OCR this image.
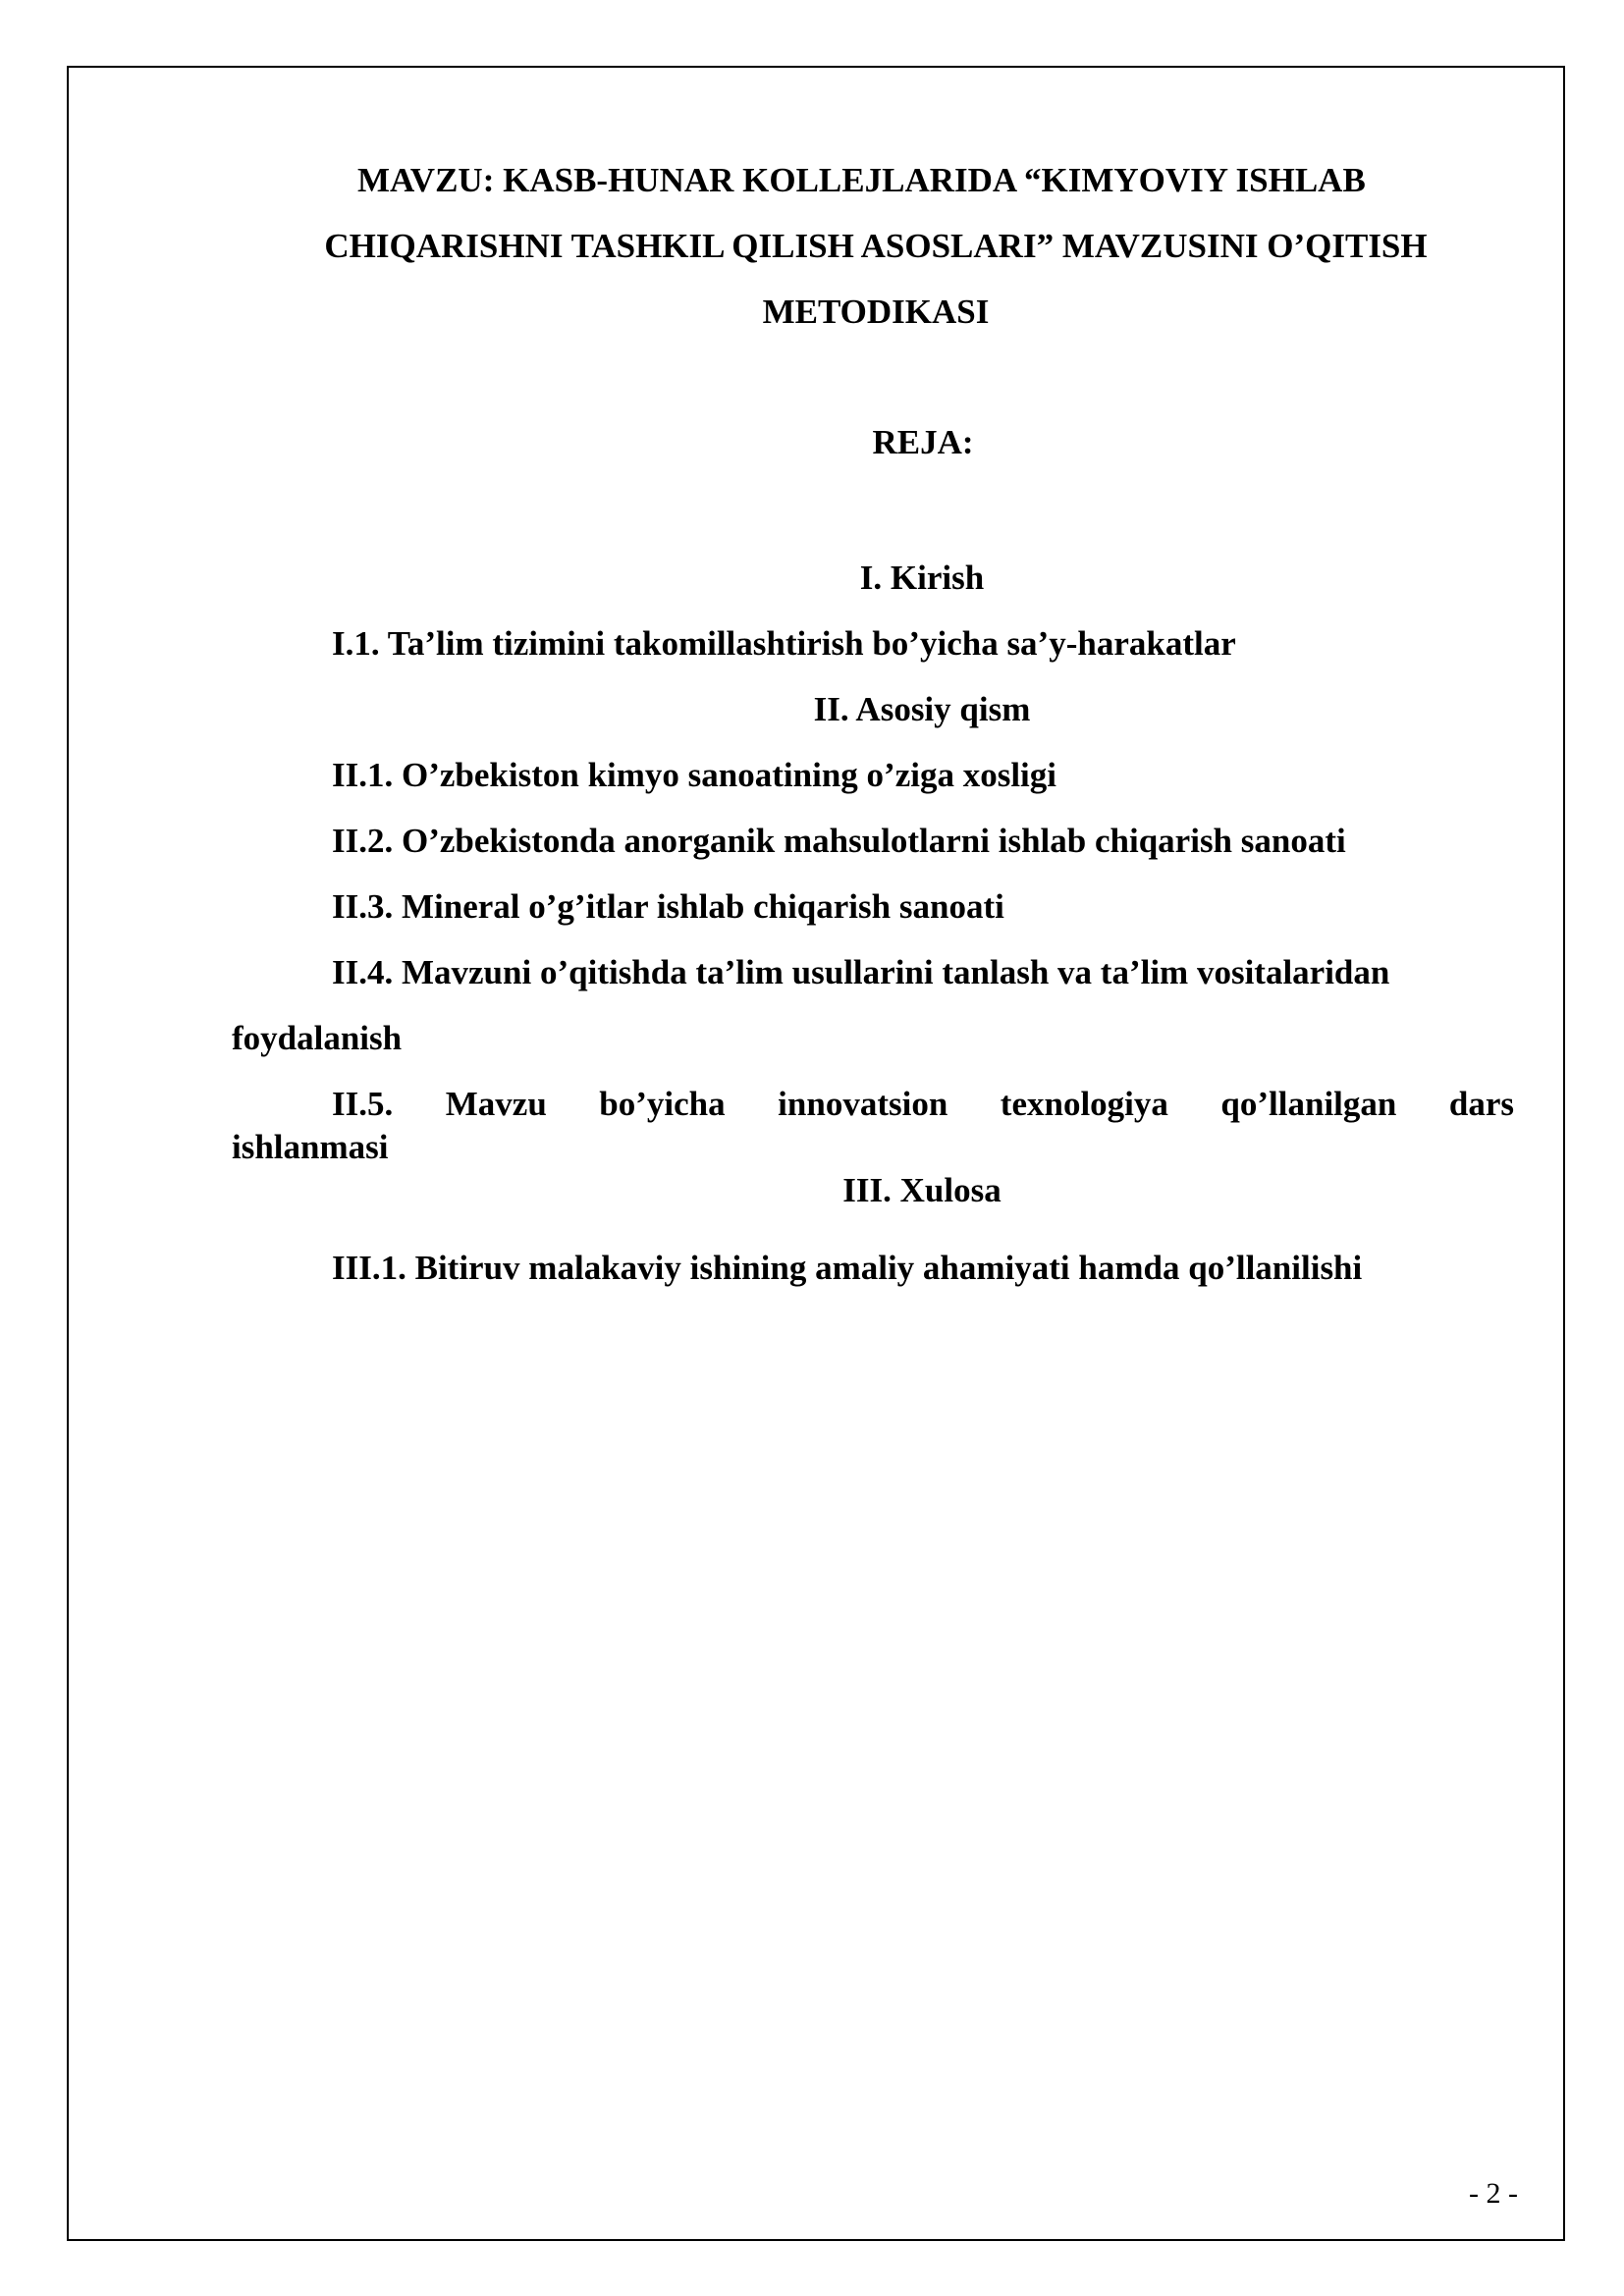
MAVZU: KASB-HUNAR KOLLEJLARIDA “KIMYOVIY ISHLAB
CHIQARISHNI TASHKIL QILISH ASOSLARI” MAVZUSINI O’QITISH
METODIKASI
REJA:

I. Kirish

I.1. Ta’lim tizimini takomillashtirish bo’yicha sa’y-harakatlar

II. Asosiy qism

II.1. O’zbekiston kimyo sanoatining o’ziga xosligi

II.2. O’zbekistonda anorganik mahsulotlarni ishlab chiqarish sanoati

II.3. Mineral o’g’itlar ishlab chiqarish sanoati

II.4. Mavzuni o’qitishda ta’lim usullarini tanlash va ta’lim vositalaridan

foydalanish

II.5. Mavzu bo’yicha innovatsion texnologiya qo’llanilgan dars

ishlanmasi

III. Xulosa

III.1. Bitiruv malakaviy ishining amaliy ahamiyati hamda qo’llanilishi

- 2 -
